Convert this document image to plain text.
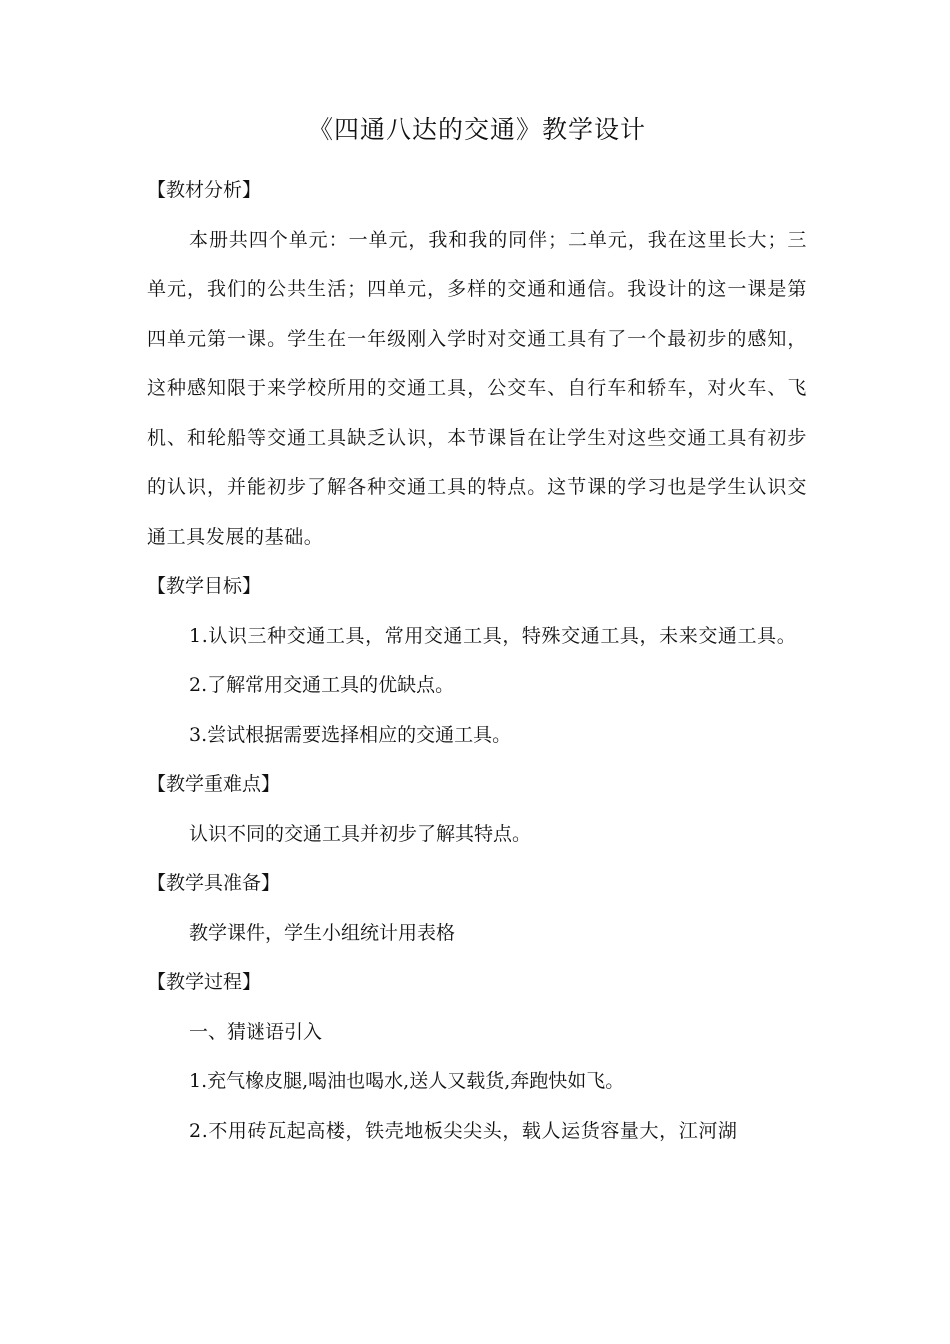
《四通八达的交通》教学设计

【教材分析】

本册共四个单元：一单元，我和我的同伴；二单元，我在这里长大；三单元，我们的公共生活；四单元，多样的交通和通信。我设计的这一课是第四单元第一课。学生在一年级刚入学时对交通工具有了一个最初步的感知，这种感知限于来学校所用的交通工具，公交车、自行车和轿车，对火车、飞机、和轮船等交通工具缺乏认识，本节课旨在让学生对这些交通工具有初步的认识，并能初步了解各种交通工具的特点。这节课的学习也是学生认识交通工具发展的基础。

【教学目标】

1.认识三种交通工具，常用交通工具，特殊交通工具，未来交通工具。

2.了解常用交通工具的优缺点。

3.尝试根据需要选择相应的交通工具。

【教学重难点】

认识不同的交通工具并初步了解其特点。

【教学具准备】

教学课件，学生小组统计用表格

【教学过程】

一、猜谜语引入

1.充气橡皮腿,喝油也喝水,送人又载货,奔跑快如飞。

2.不用砖瓦起高楼，铁壳地板尖尖头，载人运货容量大，江河湖
